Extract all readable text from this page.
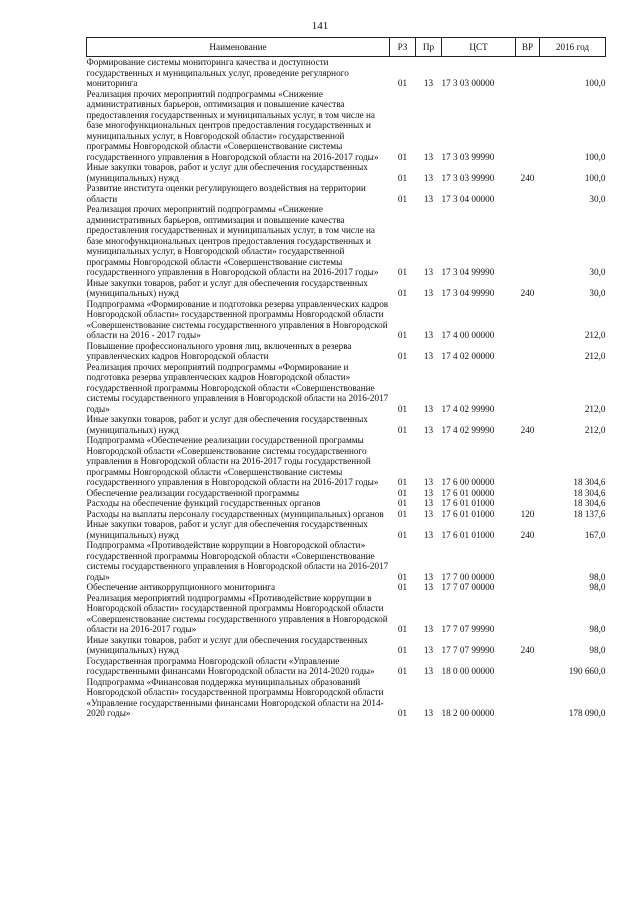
141
Наименование	РЗ	Пр	ЦСТ	ВР	2016 год
Формирование системы мониторинга качества и доступности государственных и муниципальных услуг, проведение регулярного мониторинга	01	13	17 3 03 00000		100,0
Реализация прочих мероприятий подпрограммы «Снижение административных барьеров, оптимизация и повышение качества предоставления государственных и муниципальных услуг, в том числе на базе многофункциональных центров предоставления государственных и муниципальных услуг, в Новгородской области» государственной программы Новгородской области «Совершенствование системы государственного управления в Новгородской области на 2016-2017 годы»	01	13	17 3 03 99990		100,0
Иные закупки товаров, работ и услуг для обеспечения государственных (муниципальных) нужд	01	13	17 3 03 99990	240	100,0
Развитие института оценки регулирующего воздействия на территории области	01	13	17 3 04 00000		30,0
Реализация прочих мероприятий подпрограммы «Снижение административных барьеров, оптимизация и повышение качества предоставления государственных и муниципальных услуг, в том числе на базе многофункциональных центров предоставления государственных и муниципальных услуг, в Новгородской области» государственной программы Новгородской области «Совершенствование системы государственного управления в Новгородской области на 2016-2017 годы»	01	13	17 3 04 99990		30,0
Иные закупки товаров, работ и услуг для обеспечения государственных (муниципальных) нужд	01	13	17 3 04 99990	240	30,0
Подпрограмма «Формирование и подготовка резерва управленческих кадров Новгородской области» государственной программы Новгородской области «Совершенствование системы государственного управления в Новгородской области на 2016 - 2017 годы»	01	13	17 4 00 00000		212,0
Повышение профессионального уровня лиц, включенных в резерва управленческих кадров Новгородской области	01	13	17 4 02 00000		212,0
Реализация прочих мероприятий подпрограммы «Формирование и подготовка резерва управленческих кадров Новгородской области» государственной программы Новгородской области «Совершенствование системы государственного управления в Новгородской области на 2016-2017 годы»	01	13	17 4 02 99990		212,0
Иные закупки товаров, работ и услуг для обеспечения государственных (муниципальных) нужд	01	13	17 4 02 99990	240	212,0
Подпрограмма «Обеспечение реализации государственной программы Новгородской области «Совершенствование системы государственного управления в Новгородской области на 2016-2017 годы государственной программы Новгородской области «Совершенствование системы государственного управления в Новгородской области на 2016-2017 годы»	01	13	17 6 00 00000		18 304,6
Обеспечение реализации государственной программы	01	13	17 6 01 00000		18 304,6
Расходы на обеспечение функций государственных органов	01	13	17 6 01 01000		18 304,6
Расходы на выплаты персоналу государственных (муниципальных) органов	01	13	17 6 01 01000	120	18 137,6
Иные закупки товаров, работ и услуг для обеспечения государственных (муниципальных) нужд	01	13	17 6 01 01000	240	167,0
Подпрограмма «Противодействие коррупции в Новгородской области» государственной программы Новгородской области «Совершенствование системы государственного управления в Новгородской области на 2016-2017 годы»	01	13	17 7 00 00000		98,0
Обеспечение антикоррупционного мониторинга	01	13	17 7 07 00000		98,0
Реализация мероприятий подпрограммы «Противодействие коррупции в Новгородской области» государственной программы Новгородской области «Совершенствование системы государственного управления в Новгородской области на 2016-2017 годы»	01	13	17 7 07 99990		98,0
Иные закупки товаров, работ и услуг для обеспечения государственных (муниципальных) нужд	01	13	17 7 07 99990	240	98,0
Государственная программа Новгородской области «Управление государственными финансами Новгородской области на 2014-2020 годы»	01	13	18 0 00 00000		190 660,0
Подпрограмма «Финансовая поддержка муниципальных образований Новгородской области» государственной программы Новгородской области «Управление государственными финансами Новгородской области на 2014-2020 годы»	01	13	18 2 00 00000		178 090,0
